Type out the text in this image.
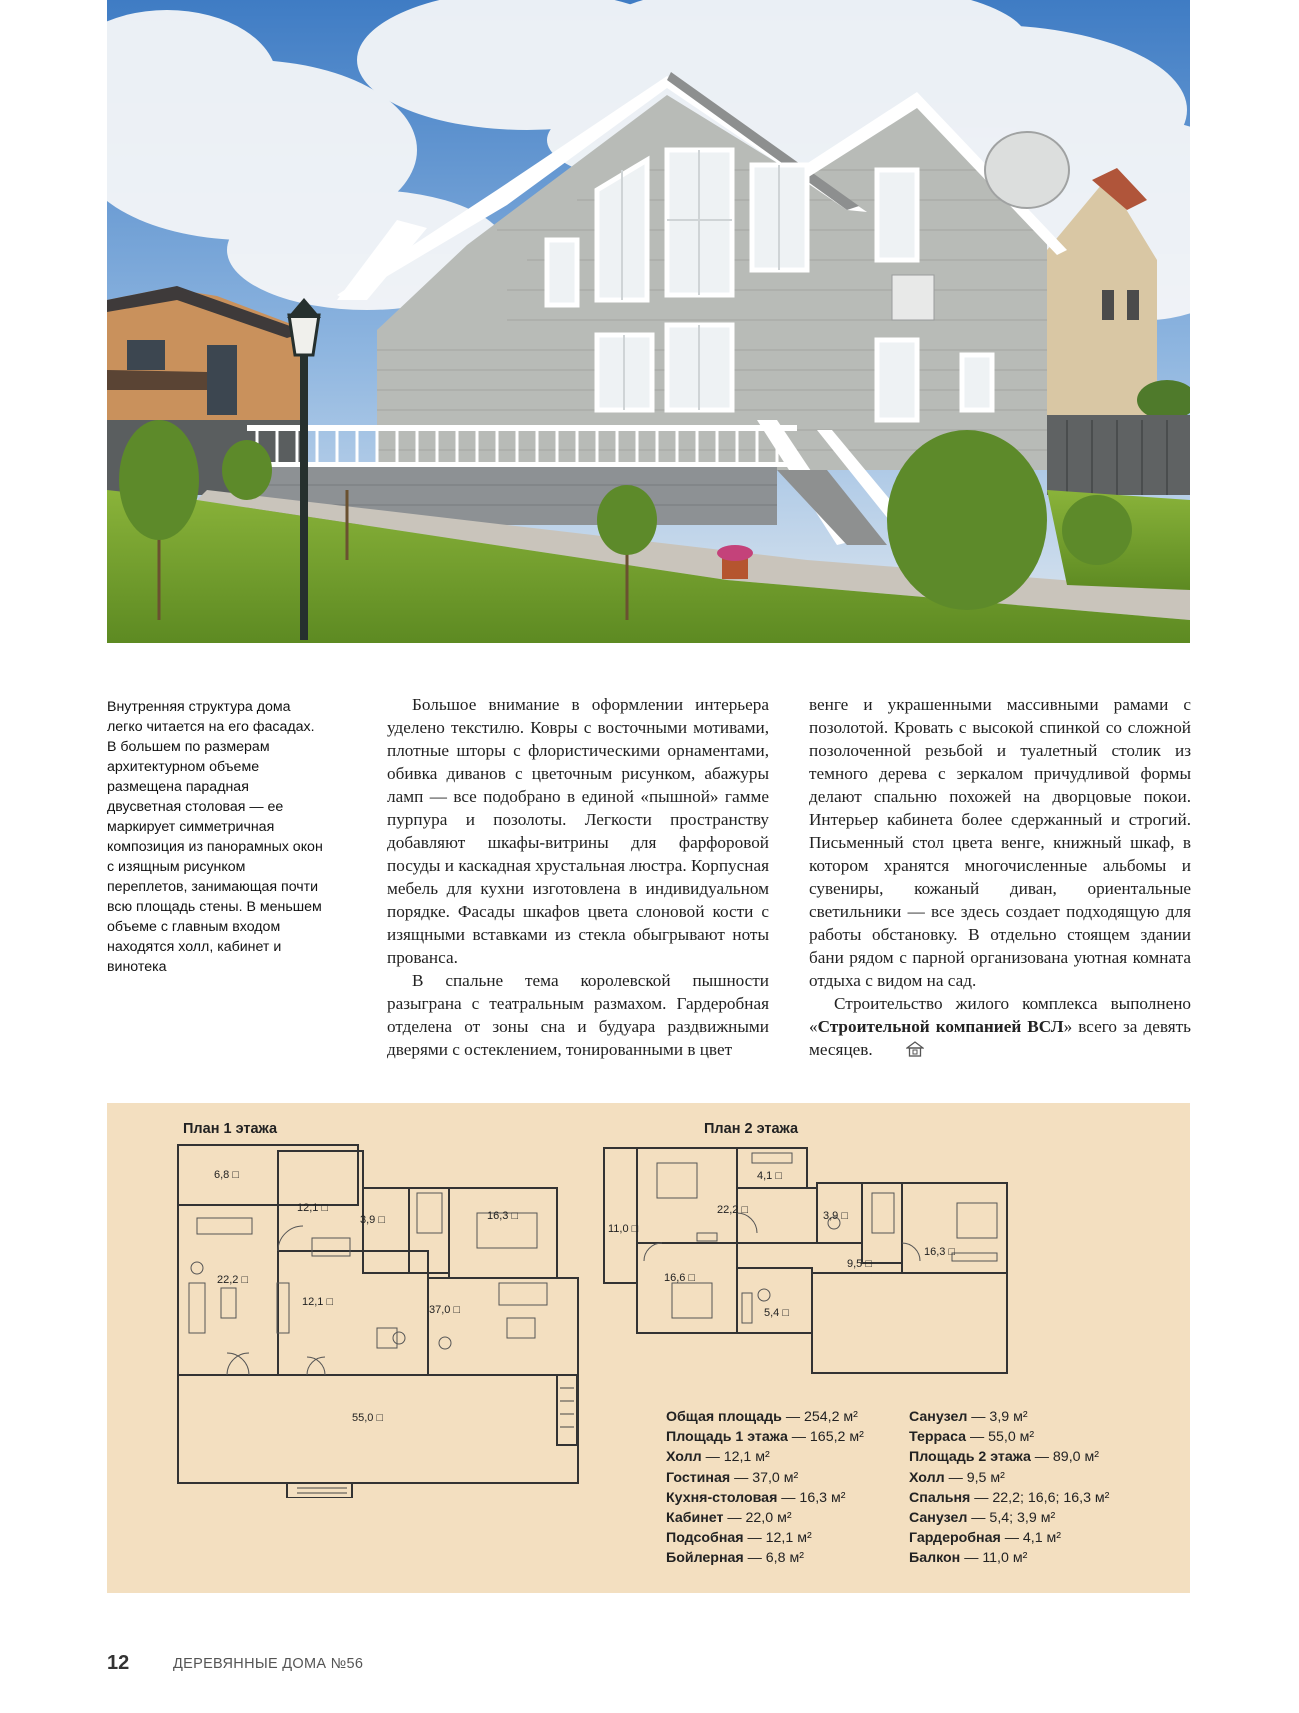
Внутренняя структура дома легко читается на его фасадах. В большем по размерам архитектурном объеме размещена парадная двусветная столовая — ее маркирует симметричная композиция из панорамных окон с изящным рисунком переплетов, занимающая почти всю площадь стены. В меньшем объеме с главным входом находятся холл, кабинет и винотека

Большое внимание в оформлении интерьера уделено текстилю. Ковры с восточными мотивами, плотные шторы с флористическими орнаментами, обивка диванов с цветочным рисунком, абажуры ламп — все подобрано в единой «пышной» гамме пурпура и позолоты. Легкости пространству добавляют шкафы-витрины для фарфоровой посуды и каскадная хрустальная люстра. Корпусная мебель для кухни изготовлена в индивидуальном порядке. Фасады шкафов цвета слоновой кости с изящными вставками из стекла обыгрывают ноты прованса.

В спальне тема королевской пышности разыграна с театральным размахом. Гардеробная отделена от зоны сна и будуара раздвижными дверями с остеклением, тонированными в цвет

венге и украшенными массивными рамами с позолотой. Кровать с высокой спинкой со сложной позолоченной резьбой и туалетный столик из темного дерева с зеркалом причудливой формы делают спальню похожей на дворцовые покои. Интерьер кабинета более сдержанный и строгий. Письменный стол цвета венге, книжный шкаф, в котором хранятся многочисленные альбомы и сувениры, кожаный диван, ориентальные светильники — все здесь создает подходящую для работы обстановку. В отдельно стоящем здании бани рядом с парной организована уютная комната отдыха с видом на сад.

Строительство жилого комплекса выполнено «Строительной компанией ВСЛ» всего за девять месяцев.

План 1 этажа	План 2 этажа
6,8 □
12,1 □
3,9 □	16,3 □
22,2 □
12,1 □
37,0 □
55,0 □
4,1 □
22,2 □
11,0 □
3,9 □
16,3 □
9,5 □
16,6 □
5,4 □
Общая площадь — 254,2 м²
Площадь 1 этажа — 165,2 м²
Холл — 12,1 м²
Гостиная — 37,0 м²
Кухня-столовая — 16,3 м²
Кабинет — 22,0 м²
Подсобная — 12,1 м²
Бойлерная — 6,8 м²
Санузел — 3,9 м²
Терраса — 55,0 м²
Площадь 2 этажа — 89,0 м²
Холл — 9,5 м²
Спальня — 22,2; 16,6; 16,3 м²
Санузел — 5,4; 3,9 м²
Гардеробная — 4,1 м²
Балкон — 11,0 м²
12	ДЕРЕВЯННЫЕ ДОМА №56
